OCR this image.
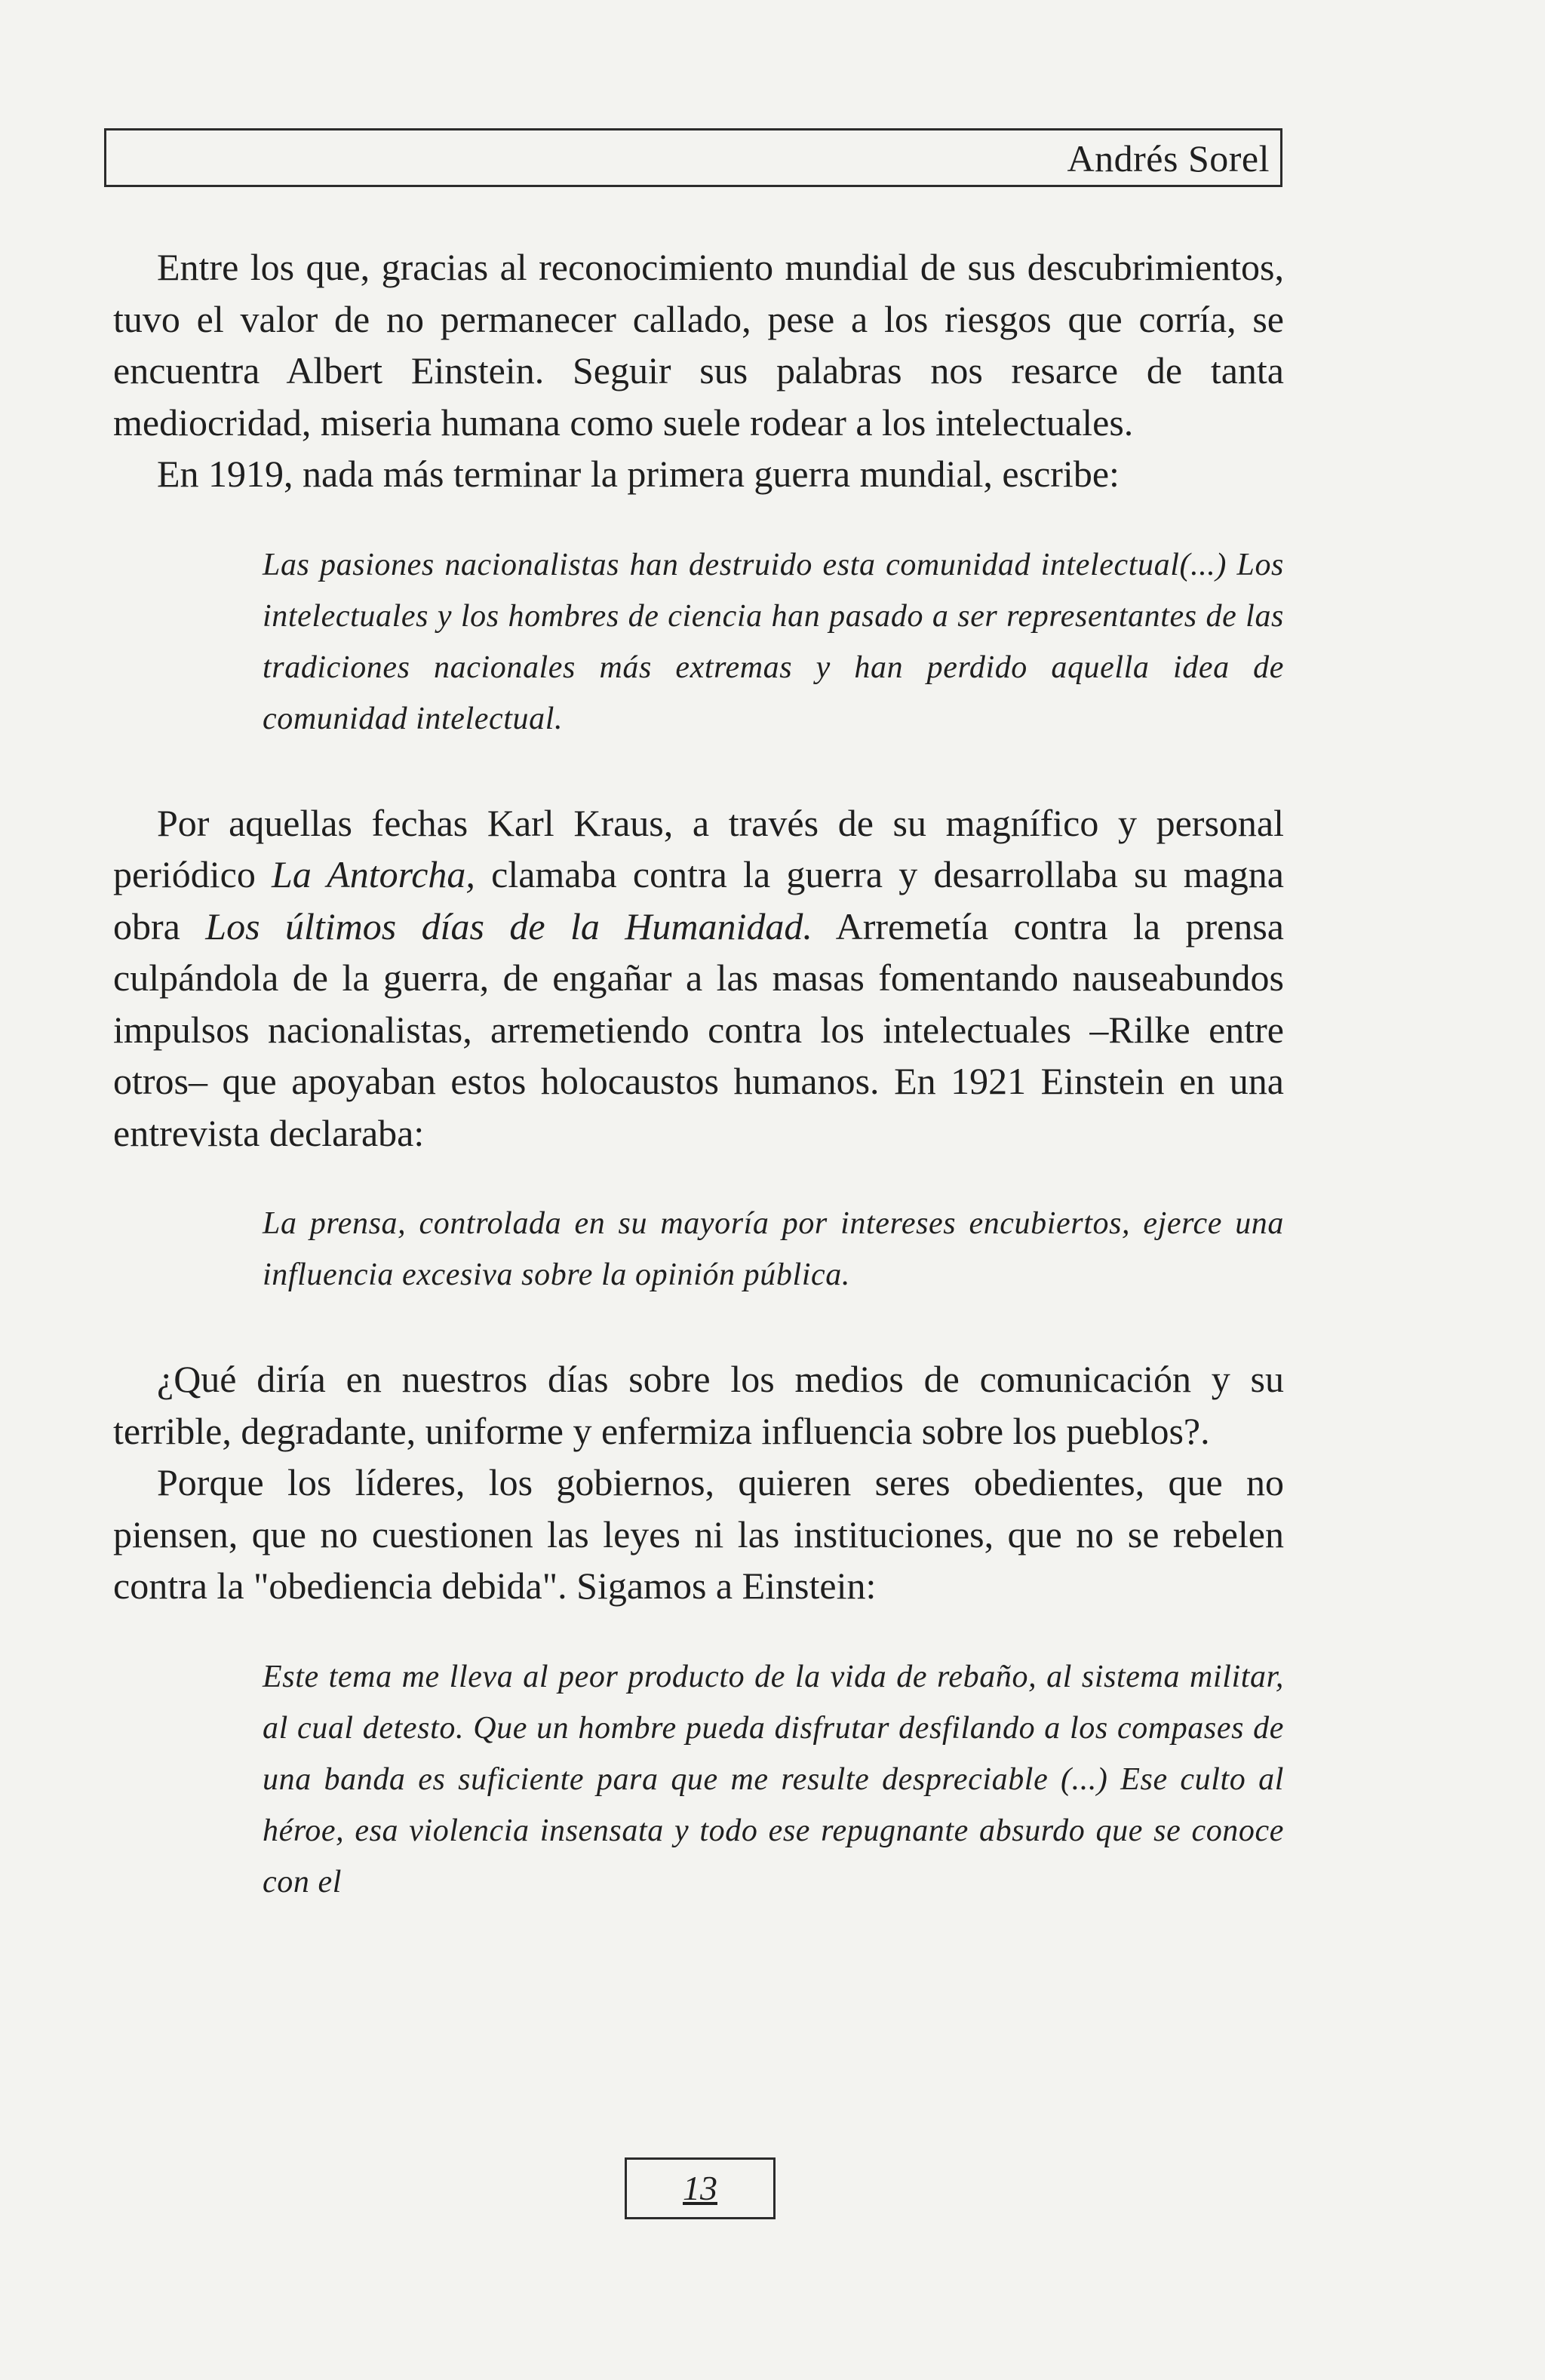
Andrés Sorel

Entre los que, gracias al reconocimiento mundial de sus descubrimientos, tuvo el valor de no permanecer callado, pese a los riesgos que corría, se encuentra Albert Einstein. Seguir sus palabras nos resarce de tanta mediocridad, miseria humana como suele rodear a los intelectuales.

En 1919, nada más terminar la primera guerra mundial, escribe:

Las pasiones nacionalistas han destruido esta comunidad intelectual(...) Los intelectuales y los hombres de ciencia han pasado a ser representantes de las tradiciones nacionales más extremas y han perdido aquella idea de comunidad intelectual.

Por aquellas fechas Karl Kraus, a través de su magnífico y personal periódico La Antorcha, clamaba contra la guerra y desarrollaba su magna obra Los últimos días de la Humanidad. Arremetía contra la prensa culpándola de la guerra, de engañar a las masas fomentando nauseabundos impulsos nacionalistas, arremetiendo contra los intelectuales –Rilke entre otros– que apoyaban estos holocaustos humanos. En 1921 Einstein en una entrevista declaraba:

La prensa, controlada en su mayoría por intereses encubiertos, ejerce una influencia excesiva sobre la opinión pública.

¿Qué diría en nuestros días sobre los medios de comunicación y su terrible, degradante, uniforme y enfermiza influencia sobre los pueblos?.

Porque los líderes, los gobiernos, quieren seres obedientes, que no piensen, que no cuestionen las leyes ni las instituciones, que no se rebelen contra la "obediencia debida". Sigamos a Einstein:

Este tema me lleva al peor producto de la vida de rebaño, al sistema militar, al cual detesto. Que un hombre pueda disfrutar desfilando a los compases de una banda es suficiente para que me resulte despreciable (...) Ese culto al héroe, esa violencia insensata y todo ese repugnante absurdo que se conoce con el

13
